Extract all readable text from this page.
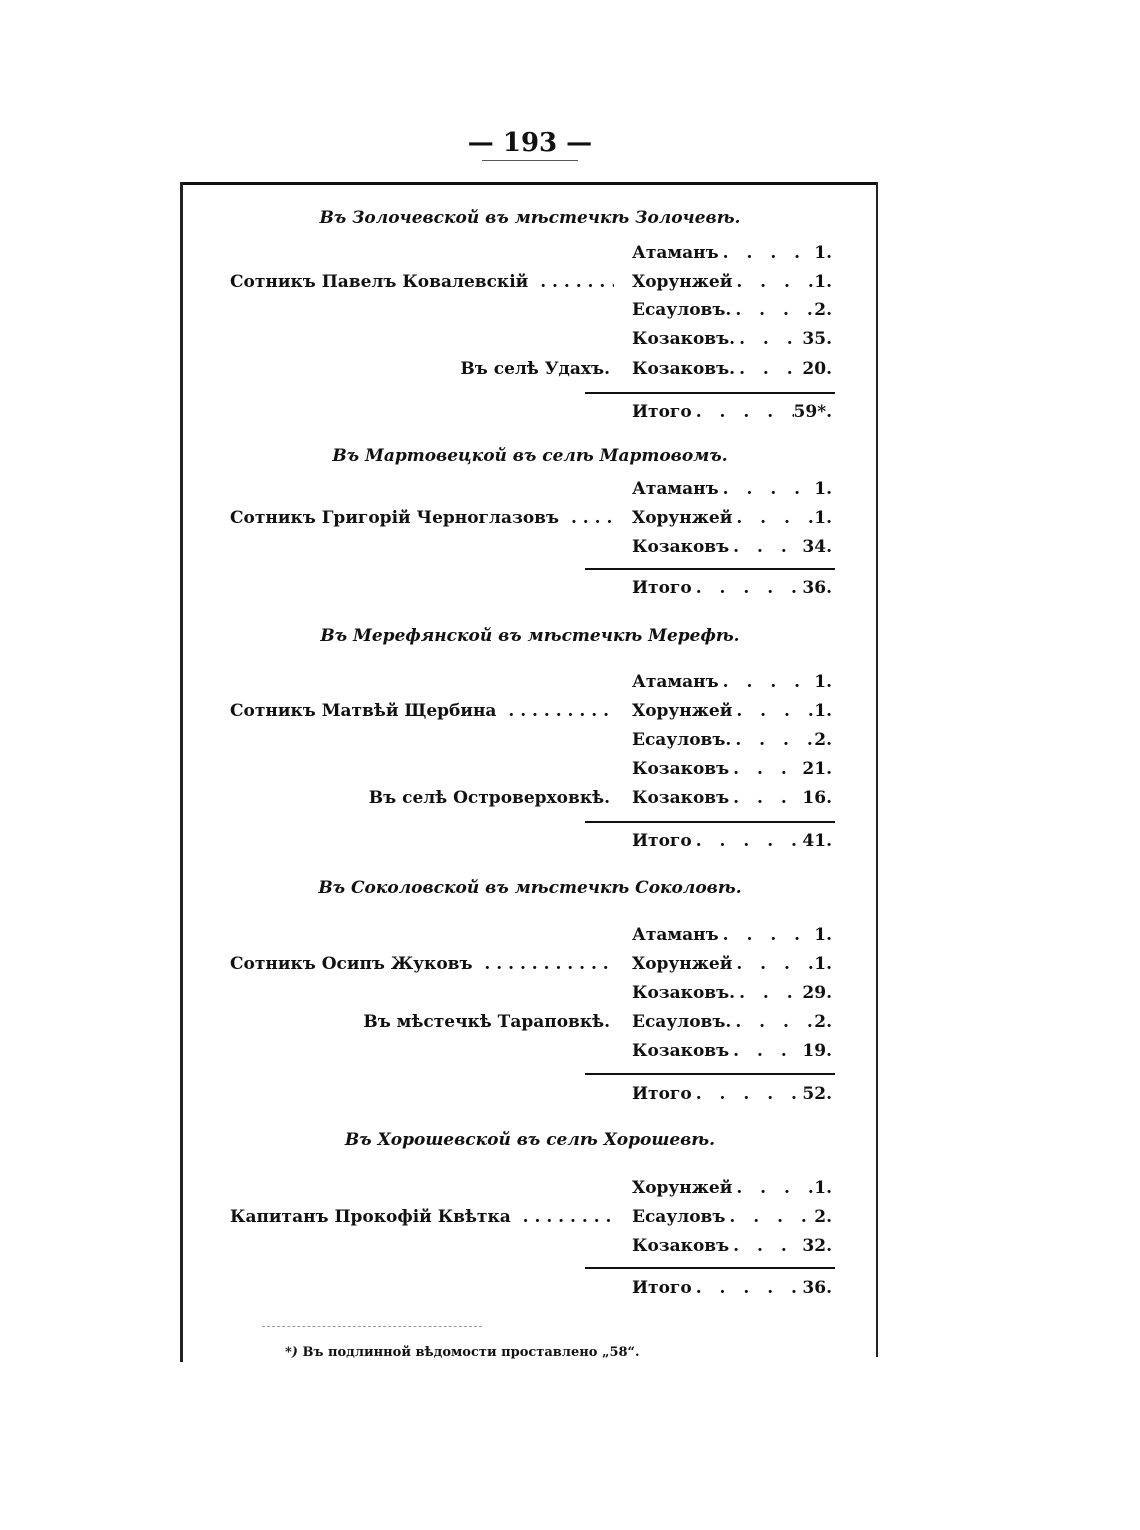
— 193 —
Въ Золочевской въ мѣстечкѣ Золочевѣ.
Атаманъ . . .	1.
Сотникъ Павелъ Ковалевскій . . .	Хорунжей . . .	1.
Есауловъ. . . .	2.
Козаковъ. . . .	35.
Въ селѣ Удахъ. Козаковъ. . . .	20.
Итого . . .	59*.
Въ Мартовецкой въ селѣ Мартовомъ.
Атаманъ . . .	1.
Сотникъ Григорій Черноглазовъ . . .	Хорунжей . . .	1.
Козаковъ . . .	34.
Итого . . .	36.
Въ Мерефянской въ мѣстечкѣ Мерефѣ.
Атаманъ . . .	1.
Сотникъ Матвѣй Щербина . . .	Хорунжей . . .	1.
Есауловъ. . . .	2.
Козаковъ . . .	21.
Въ селѣ Островерховкѣ. Козаковъ . . .	16.
Итого . . .	41.
Въ Соколовской въ мѣстечкѣ Соколовѣ.
Атаманъ . . .	1.
Сотникъ Осипъ Жуковъ . . .	Хорунжей . . .	1.
Козаковъ. . . .	29.
Въ мѣстечкѣ Тараповкѣ. Есауловъ. . . .	2.
Козаковъ . . .	19.
Итого . . .	52.
Въ Хорошевской въ селѣ Хорошевѣ.
Хорунжей . . .	1.
Капитанъ Прокофій Квѣтка . . .	Есауловъ . . .	2.
Козаковъ . . .	32.
Итого . . .	36.
*) Въ подлинной вѣдомости проставлено „58“.
